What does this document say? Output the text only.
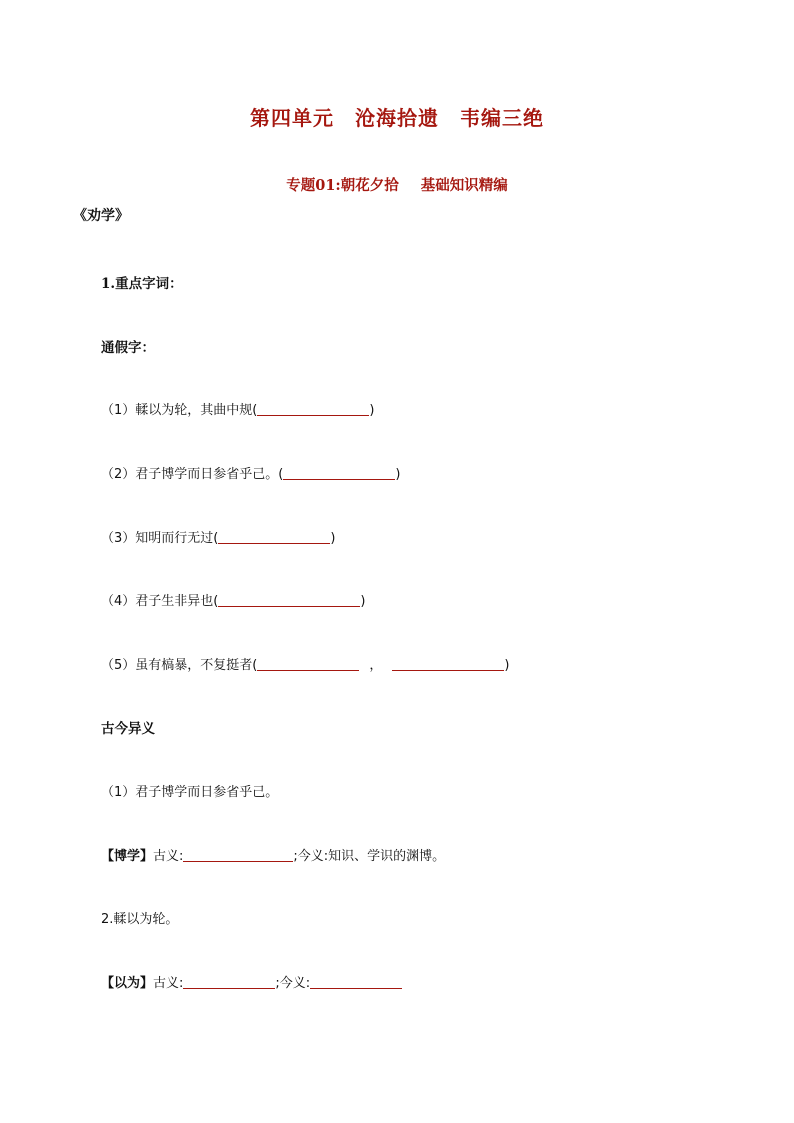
第四单元　沧海拾遗　韦编三绝
专题01:朝花夕拾 基础知识精编
《劝学》
1.重点字词：
通假字：
（1）輮以为轮，其曲中规(	)
（2）君子博学而日参省乎己。(	)
（3）知明而行无过(	)
（4）君子生非异也(	)
（5）虽有槁暴，不复挺者(	，	)
古今异义
（1）君子博学而日参省乎己。
【博学】古义:	;今义:知识、学识的渊博。
2.輮以为轮。
【以为】古义:	;今义:
